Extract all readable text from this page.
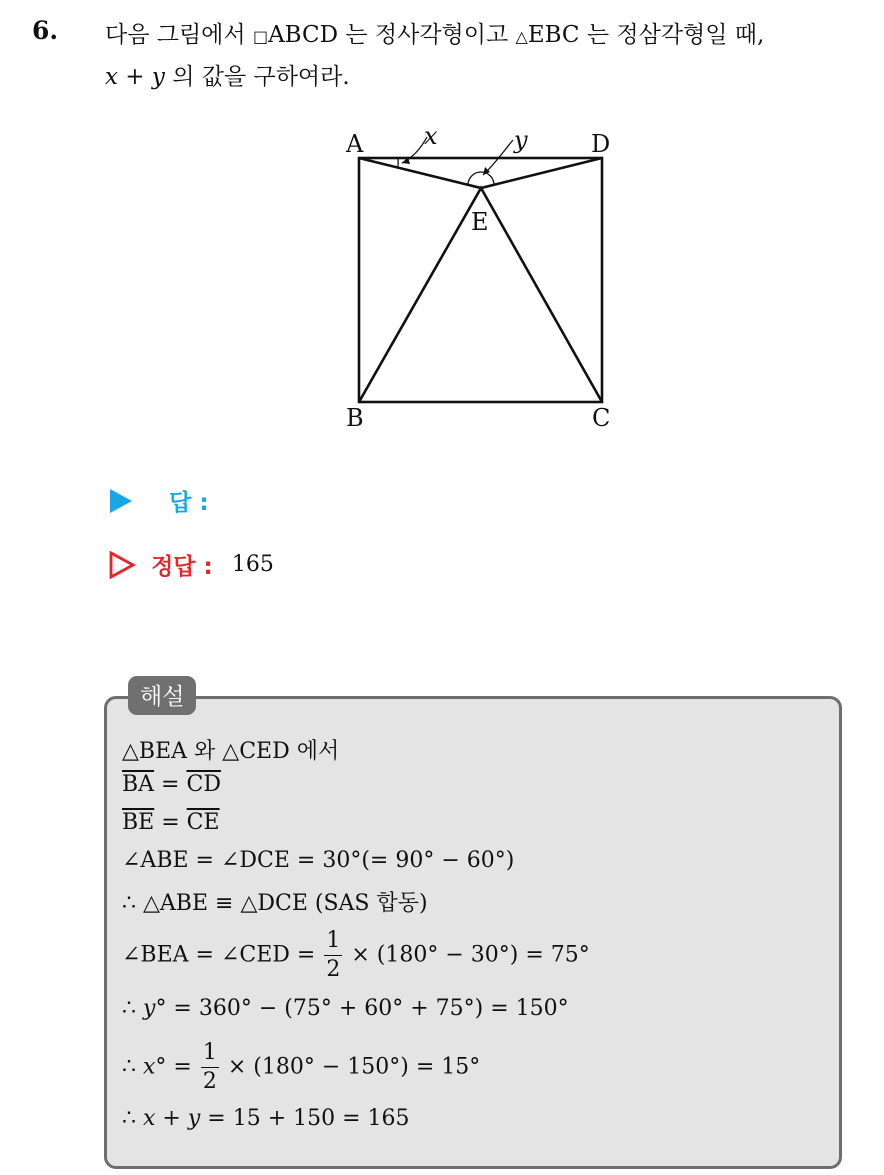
6. 다음 그림에서 □ABCD 는 정사각형이고 △EBC 는 정삼각형일 때,
x + y 의 값을 구하여라.
A	D
B	C
E
x	y
답 :
정답 : 165
해설
△BEA 와 △CED 에서
$\overline{BA} = \overline{CD}$
$\overline{BE} = \overline{CE}$
∠ABE = ∠DCE = 30°(= 90° − 60°)
∴ △ABE ≡ △DCE (SAS 합동)
∠BEA = ∠CED = $\frac{1}{2} \times (180^\circ - 30^\circ) = 75^\circ$
∴ y° = 360° − (75° + 60° + 75°) = 150°
∴ $x^\circ = \frac{1}{2} \times (180^\circ - 150^\circ) = 15^\circ$
∴ x + y = 15 + 150 = 165
